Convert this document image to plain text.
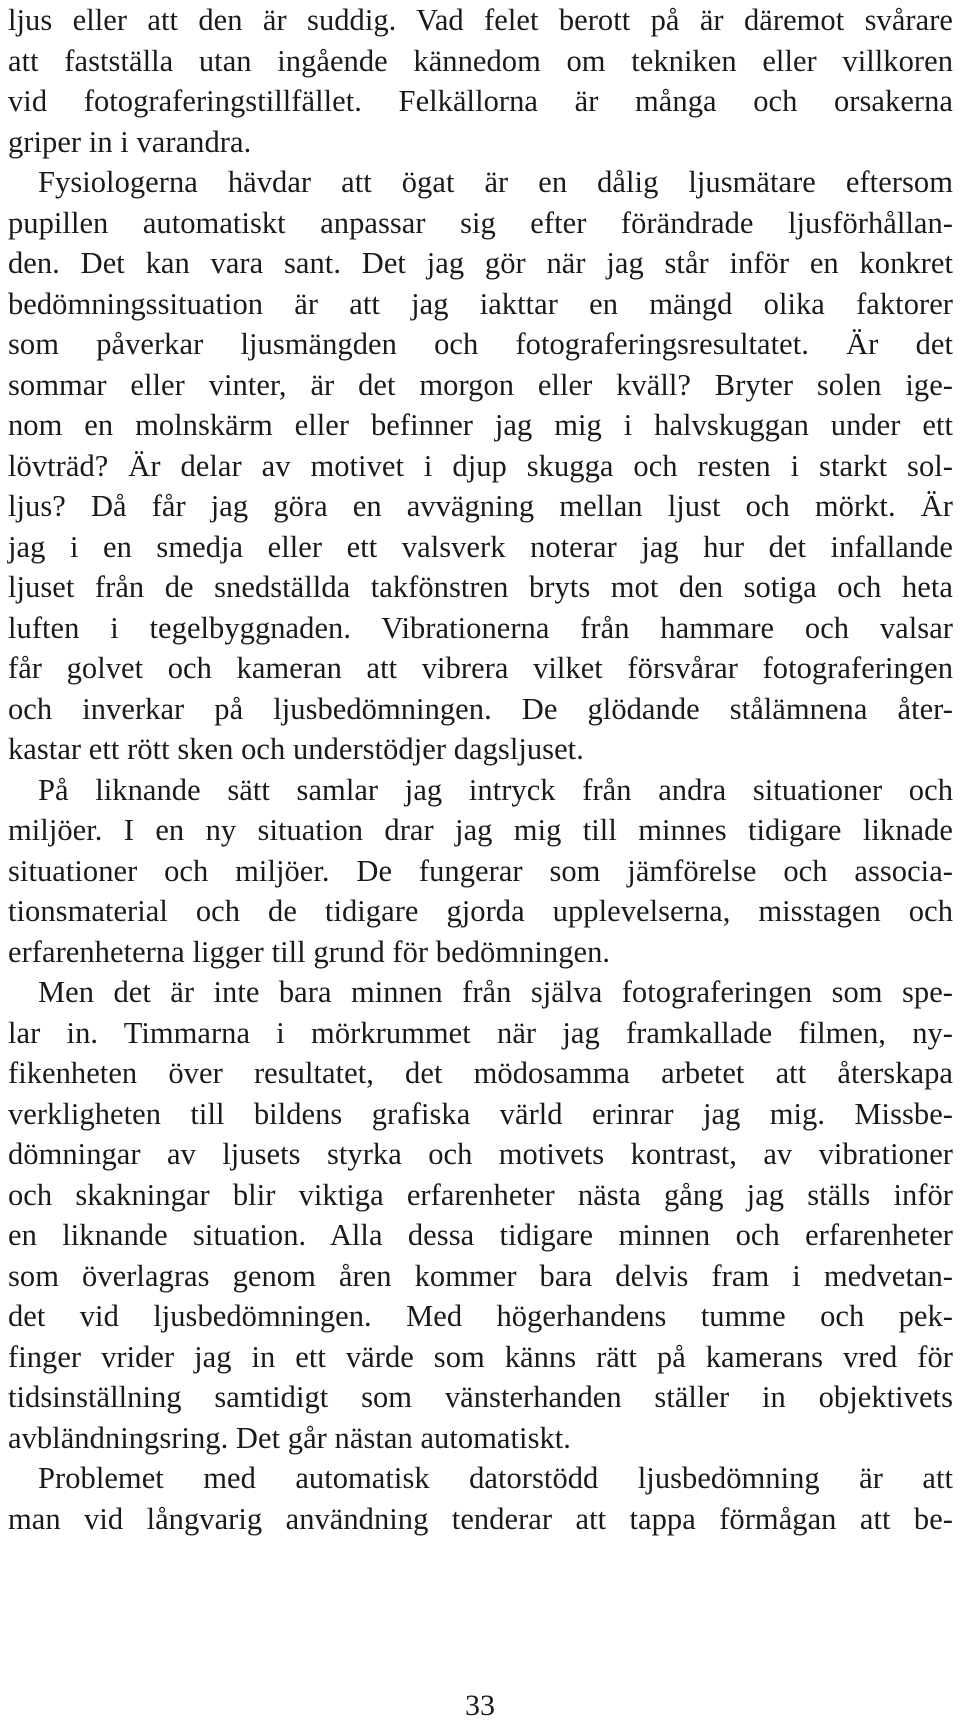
ljus eller att den är suddig. Vad felet berott på är däremot svårare
att fastställa utan ingående kännedom om tekniken eller villkoren
vid fotograferingstillfället. Felkällorna är många och orsakerna
griper in i varandra.
Fysiologerna hävdar att ögat är en dålig ljusmätare eftersom
pupillen automatiskt anpassar sig efter förändrade ljusförhållan-
den. Det kan vara sant. Det jag gör när jag står inför en konkret
bedömningssituation är att jag iakttar en mängd olika faktorer
som påverkar ljusmängden och fotograferingsresultatet. Är det
sommar eller vinter, är det morgon eller kväll? Bryter solen ige-
nom en molnskärm eller befinner jag mig i halvskuggan under ett
lövträd? Är delar av motivet i djup skugga och resten i starkt sol-
ljus? Då får jag göra en avvägning mellan ljust och mörkt. Är
jag i en smedja eller ett valsverk noterar jag hur det infallande
ljuset från de snedställda takfönstren bryts mot den sotiga och heta
luften i tegelbyggnaden. Vibrationerna från hammare och valsar
får golvet och kameran att vibrera vilket försvårar fotograferingen
och inverkar på ljusbedömningen. De glödande stålämnena åter-
kastar ett rött sken och understödjer dagsljuset.
På liknande sätt samlar jag intryck från andra situationer och
miljöer. I en ny situation drar jag mig till minnes tidigare liknade
situationer och miljöer. De fungerar som jämförelse och associa-
tionsmaterial och de tidigare gjorda upplevelserna, misstagen och
erfarenheterna ligger till grund för bedömningen.
Men det är inte bara minnen från själva fotograferingen som spe-
lar in. Timmarna i mörkrummet när jag framkallade filmen, ny-
fikenheten över resultatet, det mödosamma arbetet att återskapa
verkligheten till bildens grafiska värld erinrar jag mig. Missbe-
dömningar av ljusets styrka och motivets kontrast, av vibrationer
och skakningar blir viktiga erfarenheter nästa gång jag ställs inför
en liknande situation. Alla dessa tidigare minnen och erfarenheter
som överlagras genom åren kommer bara delvis fram i medvetan-
det vid ljusbedömningen. Med högerhandens tumme och pek-
finger vrider jag in ett värde som känns rätt på kamerans vred för
tidsinställning samtidigt som vänsterhanden ställer in objektivets
avbländningsring. Det går nästan automatiskt.
Problemet med automatisk datorstödd ljusbedömning är att
man vid långvarig användning tenderar att tappa förmågan att be-
33
